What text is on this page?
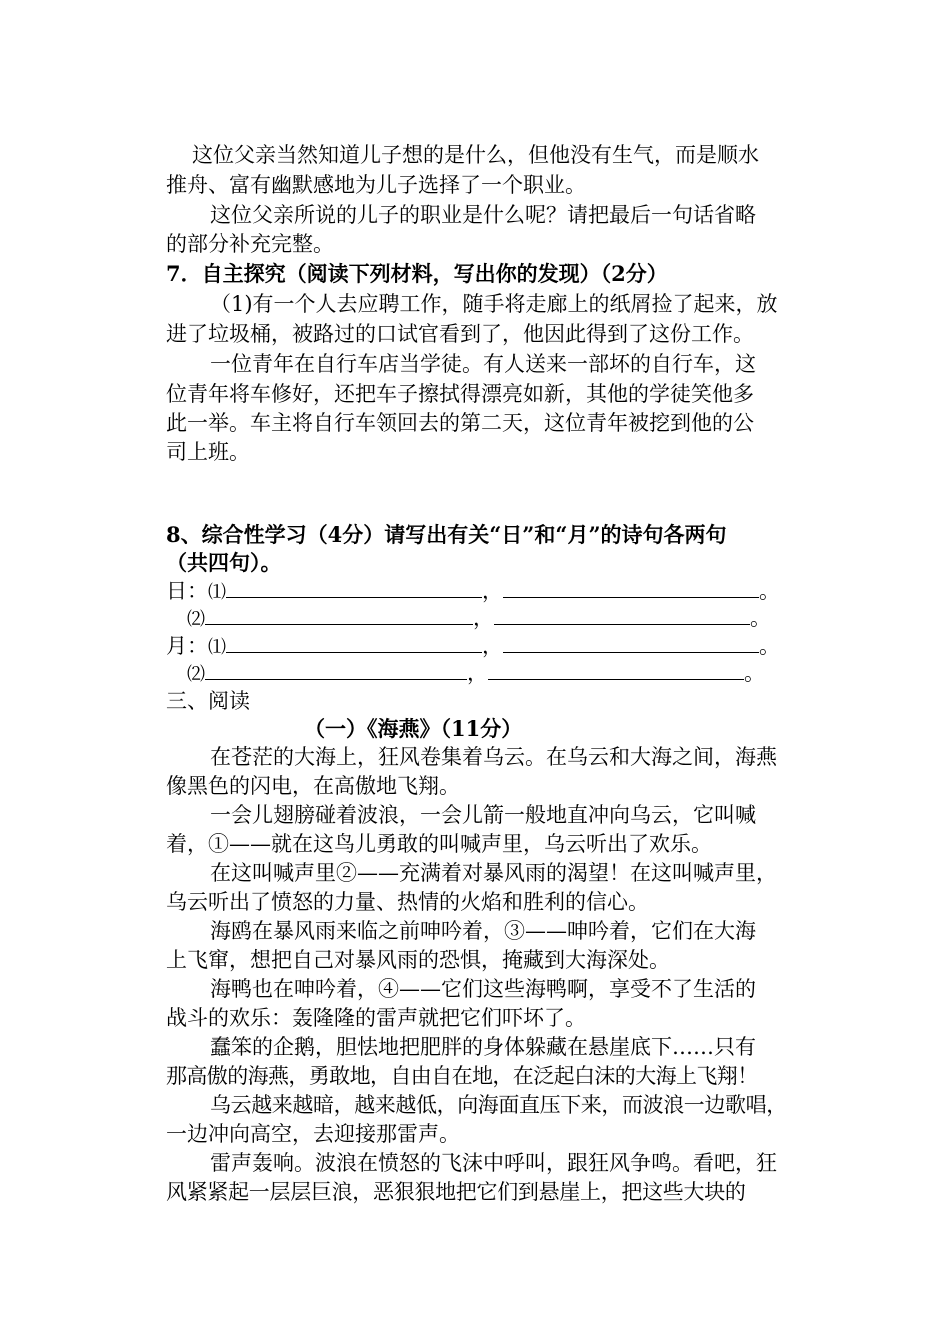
这位父亲当然知道儿子想的是什么，但他没有生气，而是顺水
推舟、富有幽默感地为儿子选择了一个职业。
这位父亲所说的儿子的职业是什么呢？请把最后一句话省略
的部分补充完整。
7．自主探究（阅读下列材料，写出你的发现）（2分）
（1)有一个人去应聘工作，随手将走廊上的纸屑捡了起来，放
进了垃圾桶，被路过的口试官看到了，他因此得到了这份工作。
一位青年在自行车店当学徒。有人送来一部坏的自行车，这
位青年将车修好，还把车子擦拭得漂亮如新，其他的学徒笑他多
此一举。车主将自行车领回去的第二天，这位青年被挖到他的公
司上班。
8、综合性学习（4分）请写出有关“日”和“月”的诗句各两句
（共四句）。
日：⑴	，	。
⑵	，	。
月：⑴	，	。
⑵	，	。
三、阅读
（一）《海燕》（11分）
在苍茫的大海上，狂风卷集着乌云。在乌云和大海之间，海燕
像黑色的闪电，在高傲地飞翔。
一会儿翅膀碰着波浪，一会儿箭一般地直冲向乌云，它叫喊
着，①——就在这鸟儿勇敢的叫喊声里，乌云听出了欢乐。
在这叫喊声里②——充满着对暴风雨的渴望！在这叫喊声里，
乌云听出了愤怒的力量、热情的火焰和胜利的信心。
海鸥在暴风雨来临之前呻吟着，③——呻吟着，它们在大海
上飞窜，想把自己对暴风雨的恐惧，掩藏到大海深处。
海鸭也在呻吟着，④——它们这些海鸭啊，享受不了生活的
战斗的欢乐：轰隆隆的雷声就把它们吓坏了。
蠢笨的企鹅，胆怯地把肥胖的身体躲藏在悬崖底下……只有
那高傲的海燕，勇敢地，自由自在地，在泛起白沫的大海上飞翔！
乌云越来越暗，越来越低，向海面直压下来，而波浪一边歌唱，
一边冲向高空，去迎接那雷声。
雷声轰响。波浪在愤怒的飞沫中呼叫，跟狂风争鸣。看吧，狂
风紧紧起一层层巨浪，恶狠狠地把它们到悬崖上，把这些大块的
